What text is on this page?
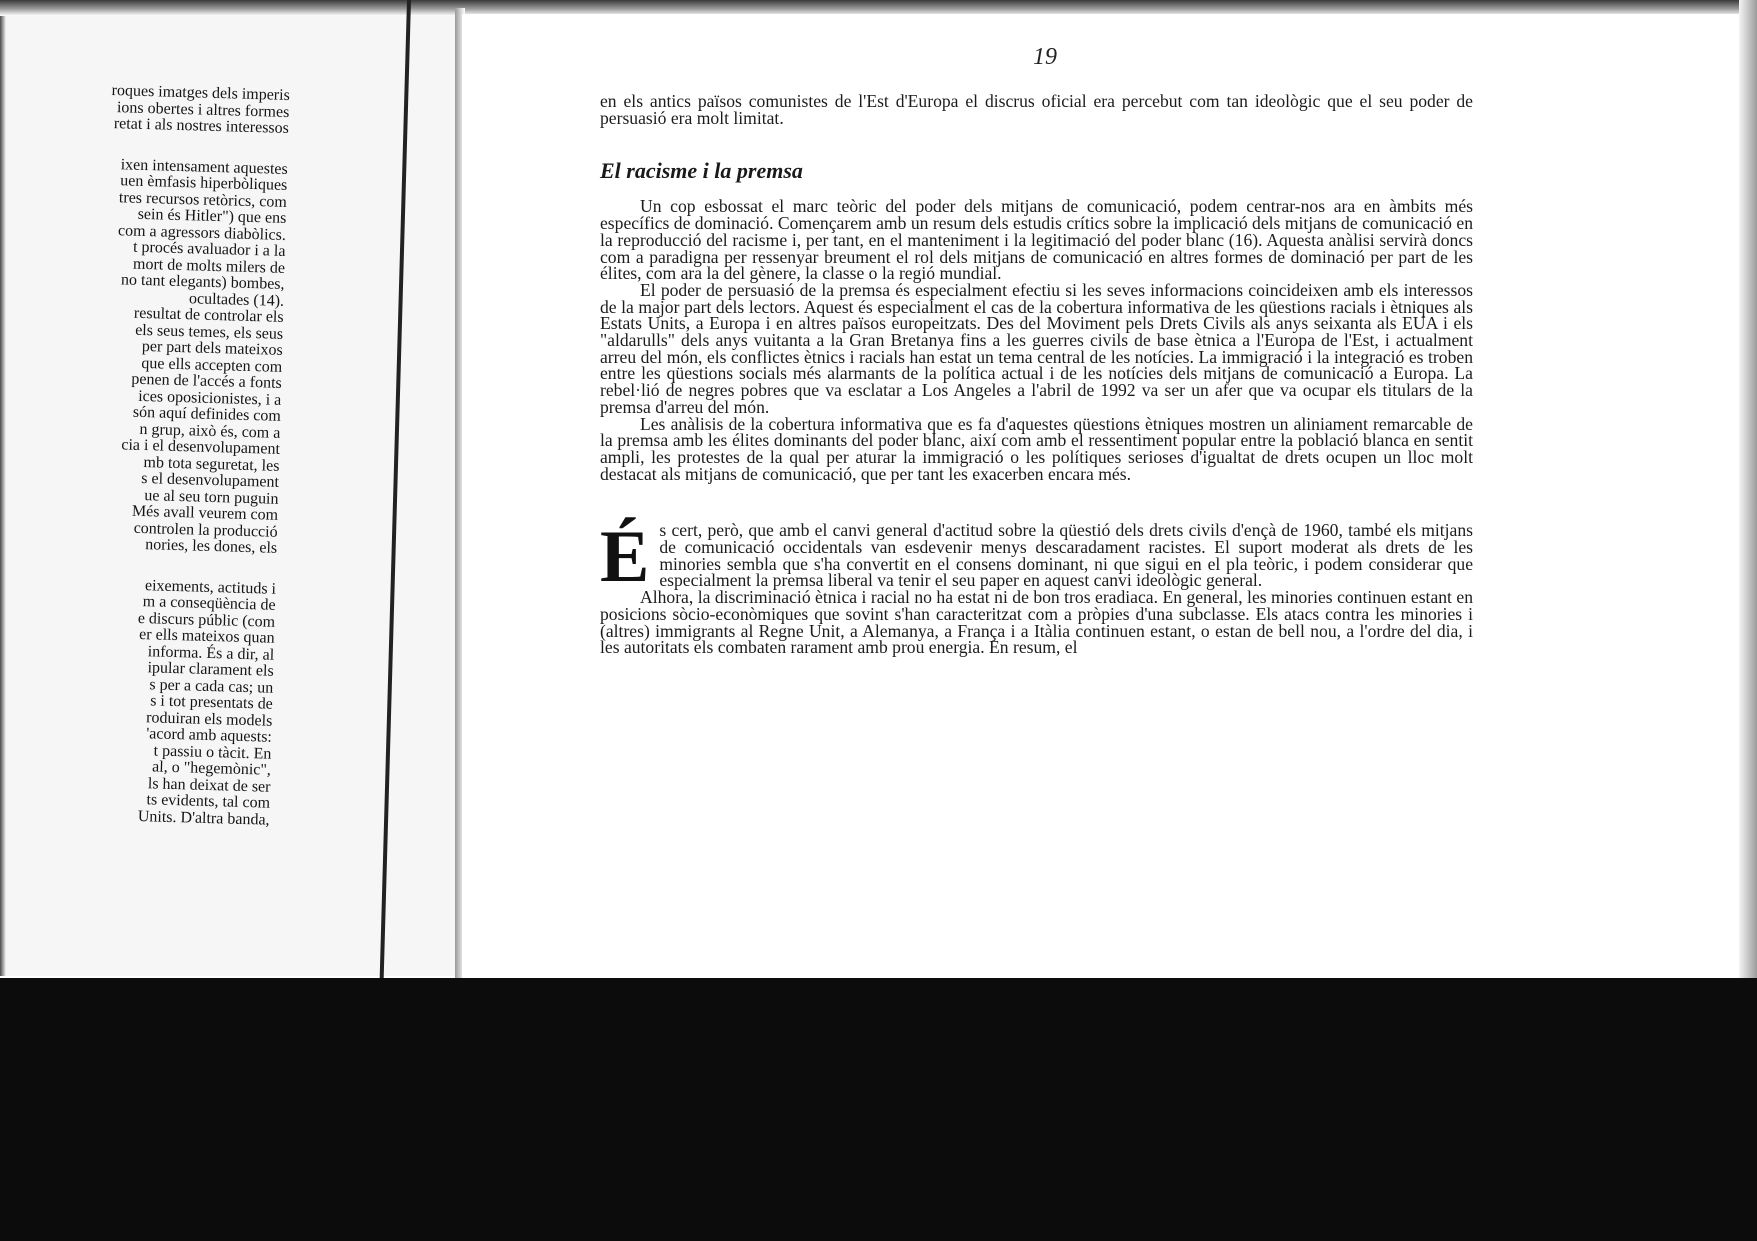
roques imatges dels imperis
ions obertes i altres formes
retat i als nostres interessos
ixen intensament aquestes
uen èmfasis hiperbòliques
tres recursos retòrics, com
sein és Hitler") que ens
com a agressors diabòlics.
t procés avaluador i a la
mort de molts milers de
no tant elegants) bombes,
ocultades (14).
resultat de controlar els
els seus temes, els seus
per part dels mateixos
que ells accepten com
penen de l'accés a fonts
ices oposicionistes, i a
són aquí definides com
n grup, això és, com a
cia i el desenvolupament
mb tota seguretat, les
s el desenvolupament
ue al seu torn puguin
Més avall veurem com
controlen la producció
nories, les dones, els
eixements, actituds i
m a conseqüència de
e discurs públic (com
er ells mateixos quan
informa. És a dir, al
ipular clarament els
s per a cada cas; un
s i tot presentats de
roduiran els models
'acord amb aquests:
t passiu o tàcit. En
al, o "hegemònic",
ls han deixat de ser
ts evidents, tal com
Units. D'altra banda,
19

en els antics països comunistes de l'Est d'Europa el discrus oficial era percebut com tan ideològic que el seu poder de persuasió era molt limitat.

El racisme i la premsa

Un cop esbossat el marc teòric del poder dels mitjans de comunicació, podem centrar-nos ara en àmbits més específics de dominació. Començarem amb un resum dels estudis crítics sobre la implicació dels mitjans de comunicació en la reproducció del racisme i, per tant, en el manteniment i la legitimació del poder blanc (16). Aquesta anàlisi servirà doncs com a paradigna per ressenyar breument el rol dels mitjans de comunicació en altres formes de dominació per part de les élites, com ara la del gènere, la classe o la regió mundial.

El poder de persuasió de la premsa és especialment efectiu si les seves informacions coincideixen amb els interessos de la major part dels lectors. Aquest és especialment el cas de la cobertura informativa de les qüestions racials i ètniques als Estats Units, a Europa i en altres països europeitzats. Des del Moviment pels Drets Civils als anys seixanta als EUA i els "aldarulls" dels anys vuitanta a la Gran Bretanya fins a les guerres civils de base ètnica a l'Europa de l'Est, i actualment arreu del món, els conflictes ètnics i racials han estat un tema central de les notícies. La immigració i la integració es troben entre les qüestions socials més alarmants de la política actual i de les notícies dels mitjans de comunicació a Europa. La rebel·lió de negres pobres que va esclatar a Los Angeles a l'abril de 1992 va ser un afer que va ocupar els titulars de la premsa d'arreu del món.

Les anàlisis de la cobertura informativa que es fa d'aquestes qüestions ètniques mostren un aliniament remarcable de la premsa amb les élites dominants del poder blanc, així com amb el ressentiment popular entre la població blanca en sentit ampli, les protestes de la qual per aturar la immigració o les polítiques serioses d'igualtat de drets ocupen un lloc molt destacat als mitjans de comunicació, que per tant les exacerben encara més.

És cert, però, que amb el canvi general d'actitud sobre la qüestió dels drets civils d'ençà de 1960, també els mitjans de comunicació occidentals van esdevenir menys descaradament racistes. El suport moderat als drets de les minories sembla que s'ha convertit en el consens dominant, ni que sigui en el pla teòric, i podem considerar que especialment la premsa liberal va tenir el seu paper en aquest canvi ideològic general.

Alhora, la discriminació ètnica i racial no ha estat ni de bon tros eradiaca. En general, les minories continuen estant en posicions sòcio-econòmiques que sovint s'han caracteritzat com a pròpies d'una subclasse. Els atacs contra les minories i (altres) immigrants al Regne Unit, a Alemanya, a França i a Itàlia continuen estant, o estan de bell nou, a l'ordre del dia, i les autoritats els combaten rarament amb prou energia. En resum, el
